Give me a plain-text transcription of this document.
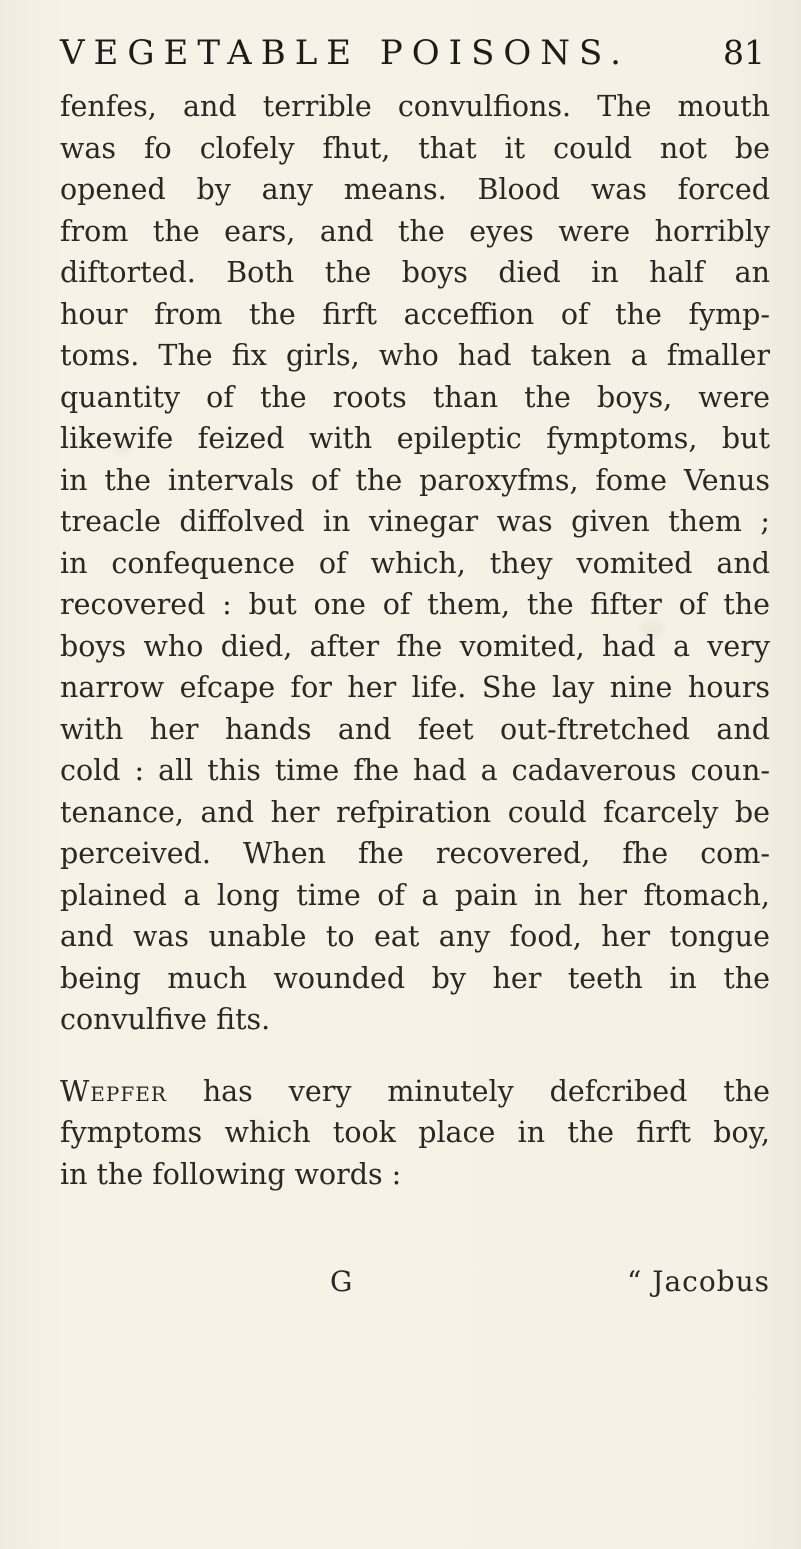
VEGETABLE POISONS.	81
fenfes, and terrible convulfions. The mouth
was fo clofely fhut, that it could not be
opened by any means. Blood was forced
from the ears, and the eyes were horribly
diftorted. Both the boys died in half an
hour from the firft acceffion of the fymp-
toms. The fix girls, who had taken a fmaller
quantity of the roots than the boys, were
likewife feized with epileptic fymptoms, but
in the intervals of the paroxyfms, fome Venus
treacle diffolved in vinegar was given them ;
in confequence of which, they vomited and
recovered : but one of them, the fifter of the
boys who died, after fhe vomited, had a very
narrow efcape for her life. She lay nine hours
with her hands and feet out-ftretched and
cold : all this time fhe had a cadaverous coun-
tenance, and her refpiration could fcarcely be
perceived. When fhe recovered, fhe com-
plained a long time of a pain in her ftomach,
and was unable to eat any food, her tongue
being much wounded by her teeth in the
convulfive fits.
Wepfer has very minutely defcribed the
fymptoms which took place in the firft boy,
in the following words :
G	“ Jacobus
